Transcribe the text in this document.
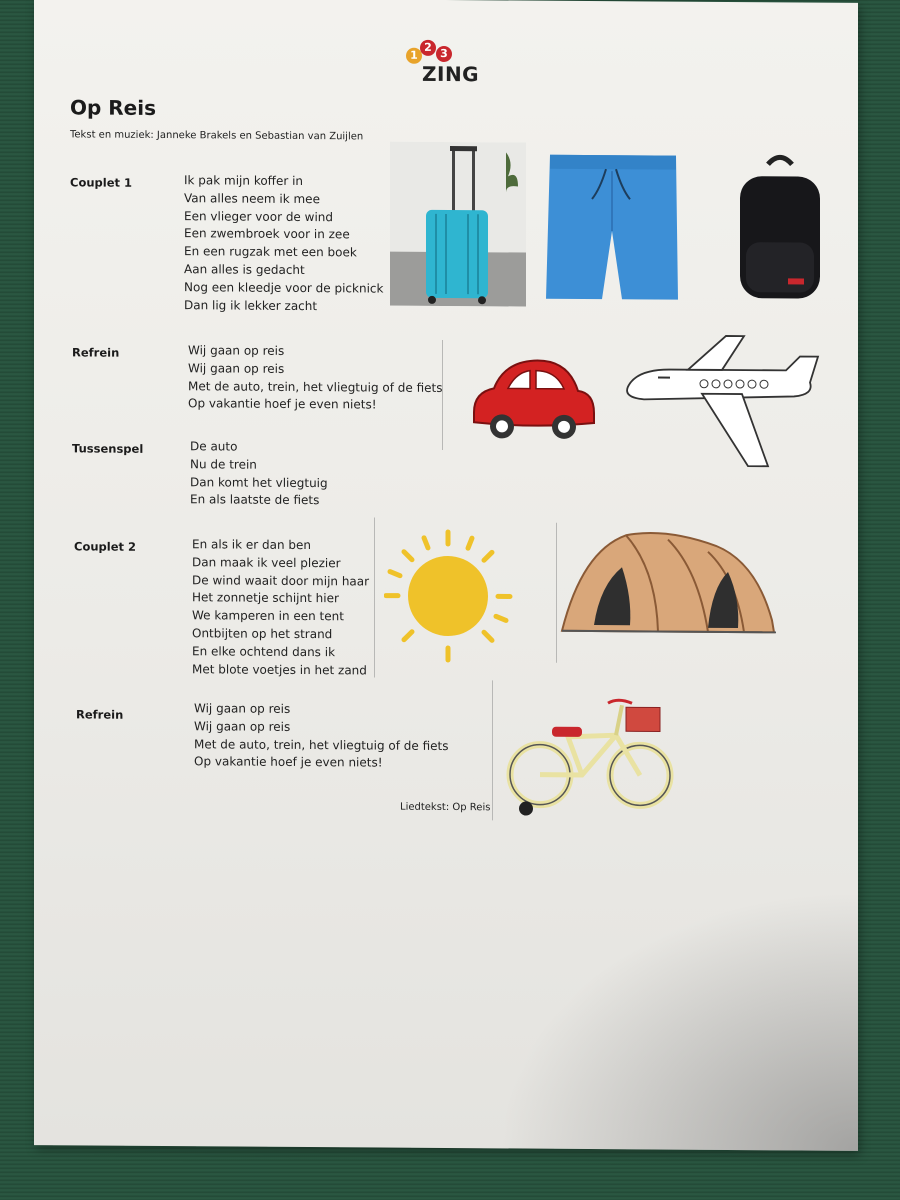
1
2 3
ZING
Op Reis
Tekst en muziek: Janneke Brakels en Sebastian van Zuijlen
Couplet 1	Ik pak mijn koffer in
Van alles neem ik mee
Een vlieger voor de wind
Een zwembroek voor in zee
En een rugzak met een boek
Aan alles is gedacht
Nog een kleedje voor de picknick
Dan lig ik lekker zacht
Refrein	Wij gaan op reis
Wij gaan op reis
Met de auto, trein, het vliegtuig of de fiets
Op vakantie hoef je even niets!
Tussenspel	De auto
Nu de trein
Dan komt het vliegtuig
En als laatste de fiets
Couplet 2	En als ik er dan ben
Dan maak ik veel plezier
De wind waait door mijn haar
Het zonnetje schijnt hier
We kamperen in een tent
Ontbijten op het strand
En elke ochtend dans ik
Met blote voetjes in het zand
Refrein	Wij gaan op reis
Wij gaan op reis
Met de auto, trein, het vliegtuig of de fiets
Op vakantie hoef je even niets!
Liedtekst: Op Reis
